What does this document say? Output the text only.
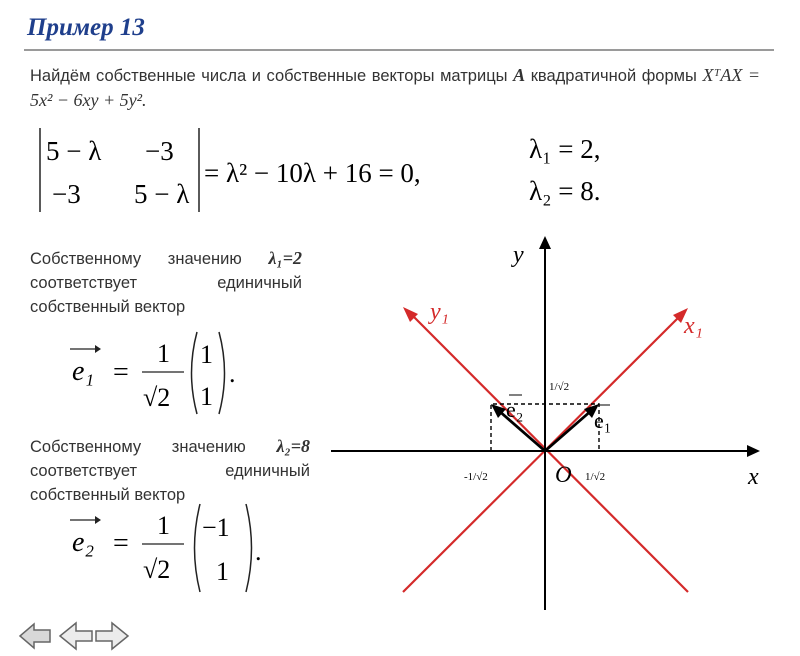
Пример 13
Найдём собственные числа и собственные векторы матрицы A квадратичной формы XᵀAX = 5x² − 6xy + 5y².
5 − λ −3
−3 5 − λ
= λ² − 10λ + 16 = 0,
λ₁ = 2,
λ₂ = 8.
e₁ =
1
√2
1
1
.
e₂ =
1
√2
−1
1
.
y
x
y₁
x₁
O
e₁
e₂
1/√2
-1/√2	1/√2
Собственному значению λ₁=2 соответствует единичный собственный вектор
Собственному значению λ₂=8 соответствует единичный собственный вектор
